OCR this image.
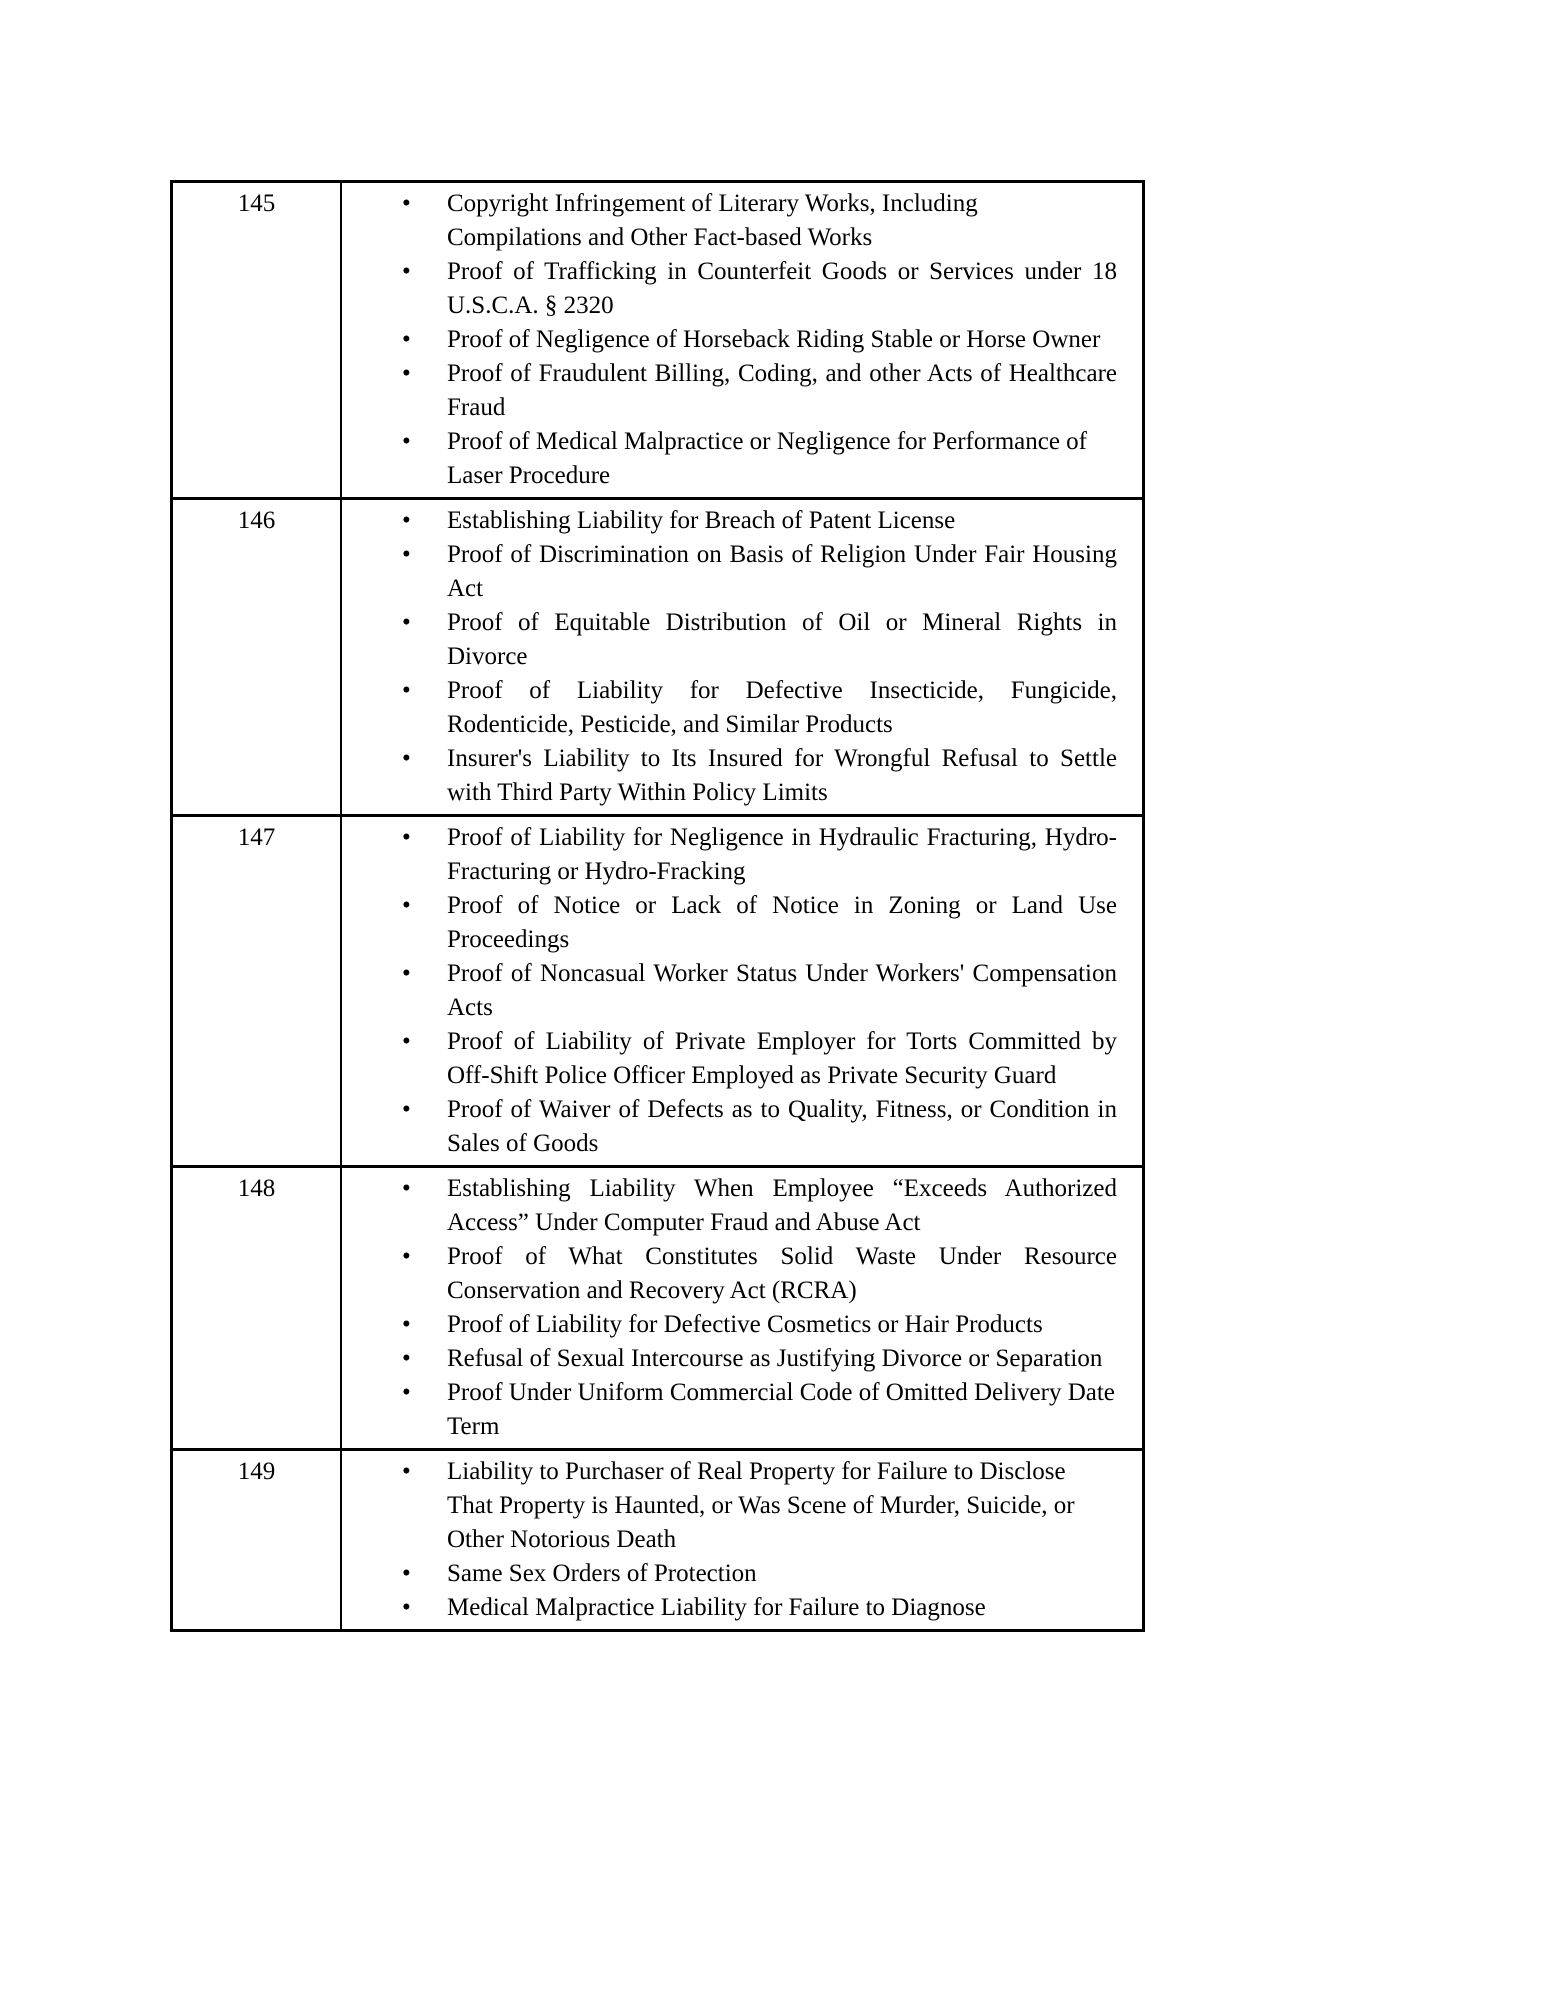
145	• Copyright Infringement of Literary Works, Including Compilations and Other Fact-based Works
• Proof of Trafficking in Counterfeit Goods or Services under 18 U.S.C.A. § 2320
• Proof of Negligence of Horseback Riding Stable or Horse Owner
• Proof of Fraudulent Billing, Coding, and other Acts of Healthcare Fraud
• Proof of Medical Malpractice or Negligence for Performance of Laser Procedure
146	• Establishing Liability for Breach of Patent License
• Proof of Discrimination on Basis of Religion Under Fair Housing Act
• Proof of Equitable Distribution of Oil or Mineral Rights in Divorce
• Proof of Liability for Defective Insecticide, Fungicide, Rodenticide, Pesticide, and Similar Products
• Insurer's Liability to Its Insured for Wrongful Refusal to Settle with Third Party Within Policy Limits
147	• Proof of Liability for Negligence in Hydraulic Fracturing, Hydro-Fracturing or Hydro-Fracking
• Proof of Notice or Lack of Notice in Zoning or Land Use Proceedings
• Proof of Noncasual Worker Status Under Workers' Compensation Acts
• Proof of Liability of Private Employer for Torts Committed by Off-Shift Police Officer Employed as Private Security Guard
• Proof of Waiver of Defects as to Quality, Fitness, or Condition in Sales of Goods
148	• Establishing Liability When Employee “Exceeds Authorized Access” Under Computer Fraud and Abuse Act
• Proof of What Constitutes Solid Waste Under Resource Conservation and Recovery Act (RCRA)
• Proof of Liability for Defective Cosmetics or Hair Products
• Refusal of Sexual Intercourse as Justifying Divorce or Separation
• Proof Under Uniform Commercial Code of Omitted Delivery Date Term
149	• Liability to Purchaser of Real Property for Failure to Disclose That Property is Haunted, or Was Scene of Murder, Suicide, or Other Notorious Death
• Same Sex Orders of Protection
• Medical Malpractice Liability for Failure to Diagnose
